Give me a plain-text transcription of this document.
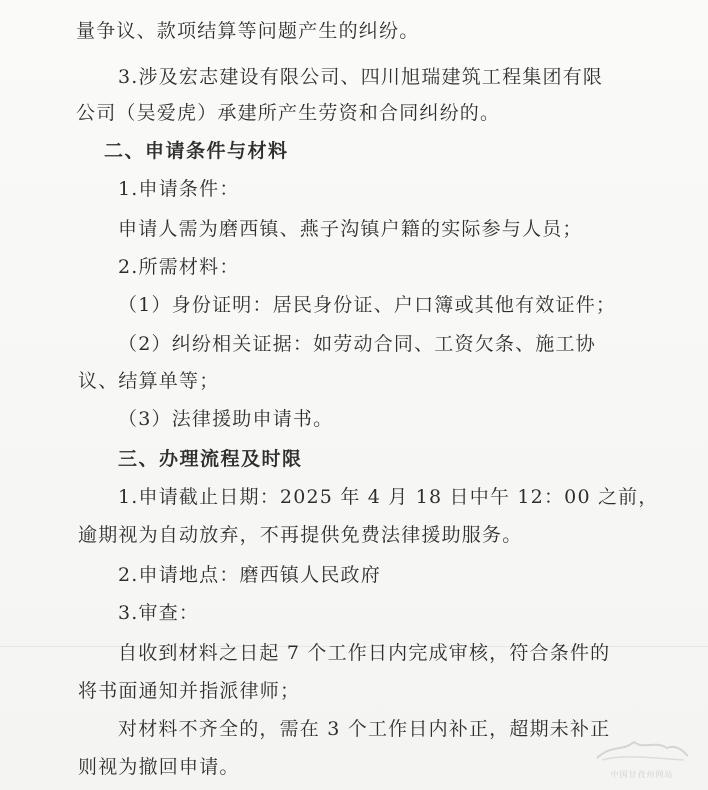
量争议、款项结算等问题产生的纠纷。
3.涉及宏志建设有限公司、四川旭瑞建筑工程集团有限
公司（吴爱虎）承建所产生劳资和合同纠纷的。
二、申请条件与材料
1.申请条件：
申请人需为磨西镇、燕子沟镇户籍的实际参与人员；
2.所需材料：
（1）身份证明：居民身份证、户口簿或其他有效证件；
（2）纠纷相关证据：如劳动合同、工资欠条、施工协
议、结算单等；
（3）法律援助申请书。
三、办理流程及时限
1.申请截止日期：2025 年 4 月 18 日中午 12：00 之前，
逾期视为自动放弃，不再提供免费法律援助服务。
2.申请地点：磨西镇人民政府
3.审查：
自收到材料之日起 7 个工作日内完成审核，符合条件的
将书面通知并指派律师；
对材料不齐全的，需在 3 个工作日内补正，超期未补正
则视为撤回申请。	中国甘孜州网站
